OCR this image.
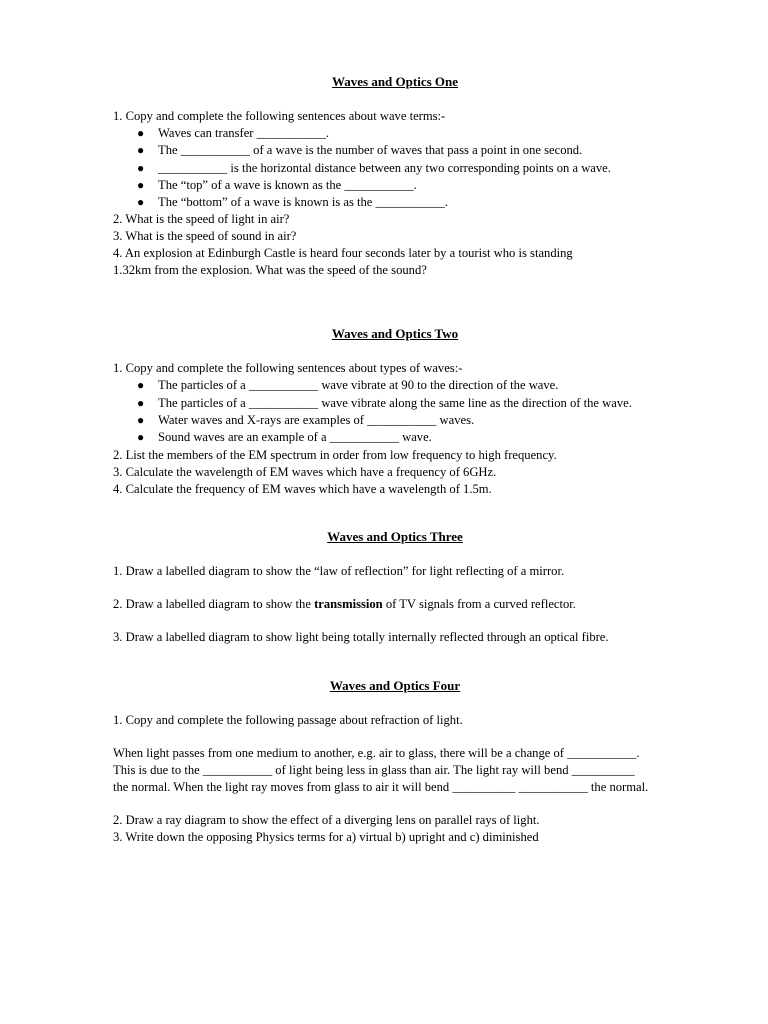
Waves and Optics One

1. Copy and complete the following sentences about wave terms:-

● Waves can transfer ___________.
● The ___________ of a wave is the number of waves that pass a point in one second.
● ___________ is the horizontal distance between any two corresponding points on a wave.
● The “top” of a wave is known as the ___________.
● The “bottom” of a wave is known is as the ___________.

2. What is the speed of light in air?

3. What is the speed of sound in air?

4. An explosion at Edinburgh Castle is heard four seconds later by a tourist who is standing

1.32km from the explosion. What was the speed of the sound?

Waves and Optics Two

1. Copy and complete the following sentences about types of waves:-

● The particles of a ___________ wave vibrate at 90 to the direction of the wave.
● The particles of a ___________ wave vibrate along the same line as the direction of the wave.
● Water waves and X-rays are examples of ___________ waves.
● Sound waves are an example of a ___________ wave.

2. List the members of the EM spectrum in order from low frequency to high frequency.

3. Calculate the wavelength of EM waves which have a frequency of 6GHz.

4. Calculate the frequency of EM waves which have a wavelength of 1.5m.

Waves and Optics Three

1. Draw a labelled diagram to show the “law of reflection” for light reflecting of a mirror.

2. Draw a labelled diagram to show the transmission of TV signals from a curved reflector.

3. Draw a labelled diagram to show light being totally internally reflected through an optical fibre.

Waves and Optics Four

1. Copy and complete the following passage about refraction of light.

When light passes from one medium to another, e.g. air to glass, there will be a change of ___________. This is due to the ___________ of light being less in glass than air. The light ray will bend __________ the normal. When the light ray moves from glass to air it will bend __________ ___________ the normal.

2. Draw a ray diagram to show the effect of a diverging lens on parallel rays of light.

3. Write down the opposing Physics terms for a) virtual b) upright and c) diminished
